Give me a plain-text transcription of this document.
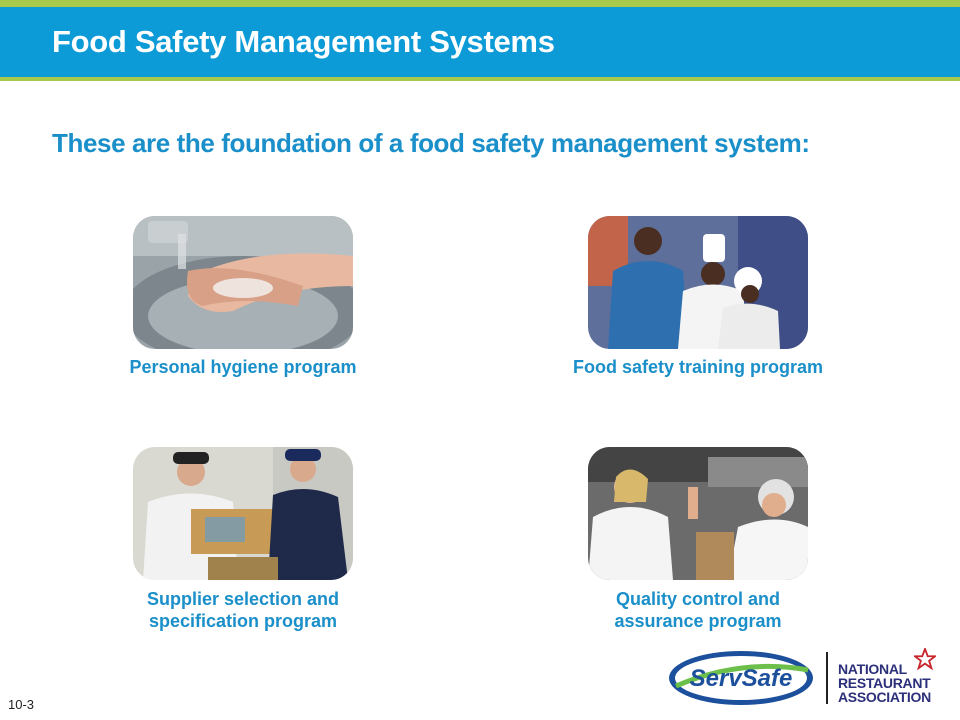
Food Safety Management Systems
These are the foundation of a food safety management system:
Personal hygiene program	Food safety training program
Supplier selection and
specification program
Quality control and
assurance program
10-3
ServSafe	NATIONAL
RESTAURANT
ASSOCIATION
